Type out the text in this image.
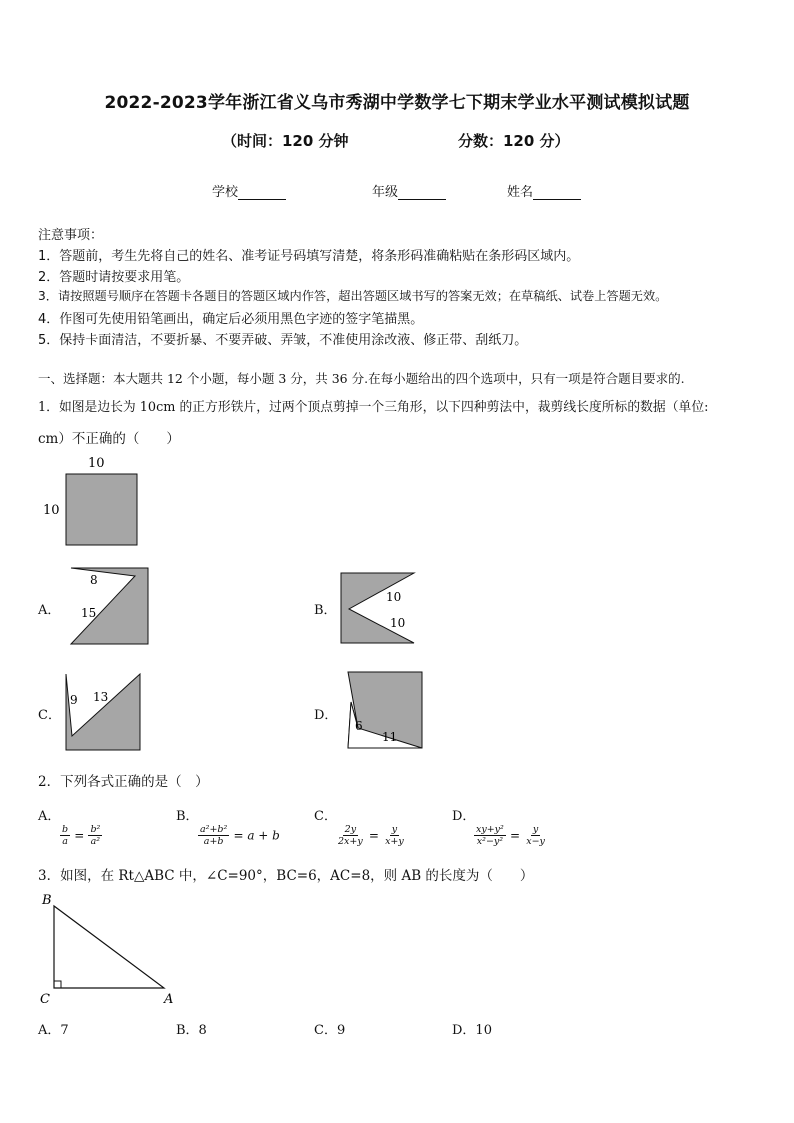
2022-2023学年浙江省义乌市秀湖中学数学七下期末学业水平测试模拟试题
（时间：120 分钟	分数：120 分）
学校	年级	姓名
注意事项：
1．答题前，考生先将自己的姓名、准考证号码填写清楚，将条形码准确粘贴在条形码区域内。
2．答题时请按要求用笔。
3．请按照题号顺序在答题卡各题目的答题区域内作答，超出答题区域书写的答案无效；在草稿纸、试卷上答题无效。
4．作图可先使用铅笔画出，确定后必须用黑色字迹的签字笔描黑。
5．保持卡面清洁，不要折暴、不要弄破、弄皱，不准使用涂改液、修正带、刮纸刀。
一、选择题：本大题共 12 个小题，每小题 3 分，共 36 分.在每小题给出的四个选项中，只有一项是符合题目要求的.
1．如图是边长为 10cm 的正方形铁片，过两个顶点剪掉一个三角形，以下四种剪法中，裁剪线长度所标的数据（单位:
cm）不正确的（　　）
10
10
A．
8
15	B．
10
10
C．
9 13
D．
6
11
2．下列各式正确的是（　）
A．

$\frac{b}{a} = \frac{\text{b²}}{\text{a²}}$
B．

$\frac{\text{a²+b²}}{a+b} = a + b$
C．

$\frac{2y}{2x+y} = \frac{y}{x+y}$
D．

$\frac{\text{xy+y²}}{\text{x²−y²}} = \frac{y}{x-y}$
3．如图，在 Rt△ABC 中，∠C=90°，BC=6，AC=8，则 AB 的长度为（　　）
B
C	A
A．7	B．8	C．9	D．10
